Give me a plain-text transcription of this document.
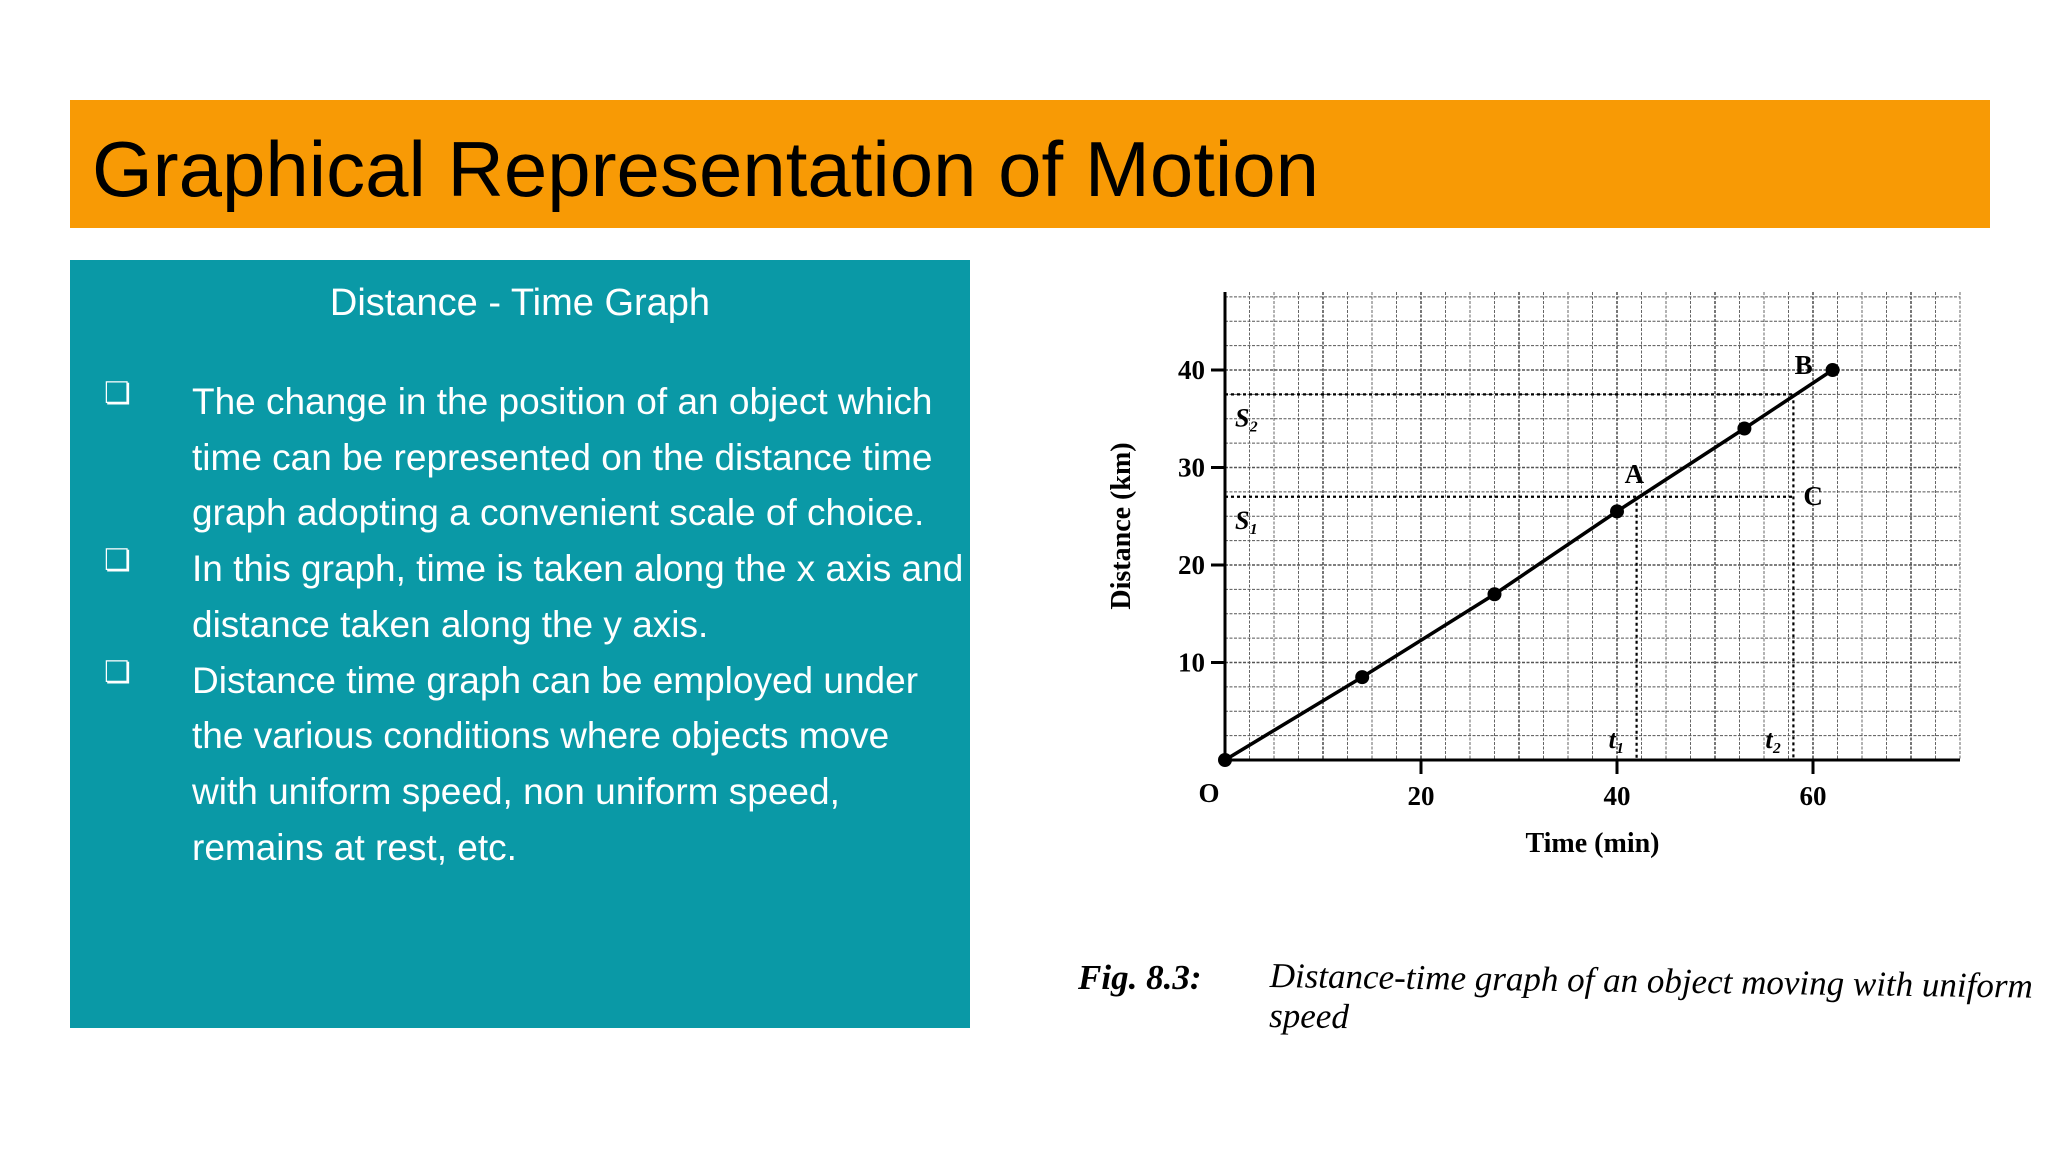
Graphical Representation of Motion
Distance - Time Graph
❏	The change in the position of an object which time can be represented on the distance time graph adopting a convenient scale of choice.
❏	In this graph, time is taken along the x axis and distance taken along the y axis.
❏	Distance time graph can be employed under the various conditions where objects move with uniform speed, non uniform speed, remains at rest, etc.
10
20
30
40
20	40	60
O
Time (min)
Distance (km)
S₂
S₁
t₁	t₂
A
B
C
Fig. 8.3: Distance-time graph of an object moving with uniform speed
